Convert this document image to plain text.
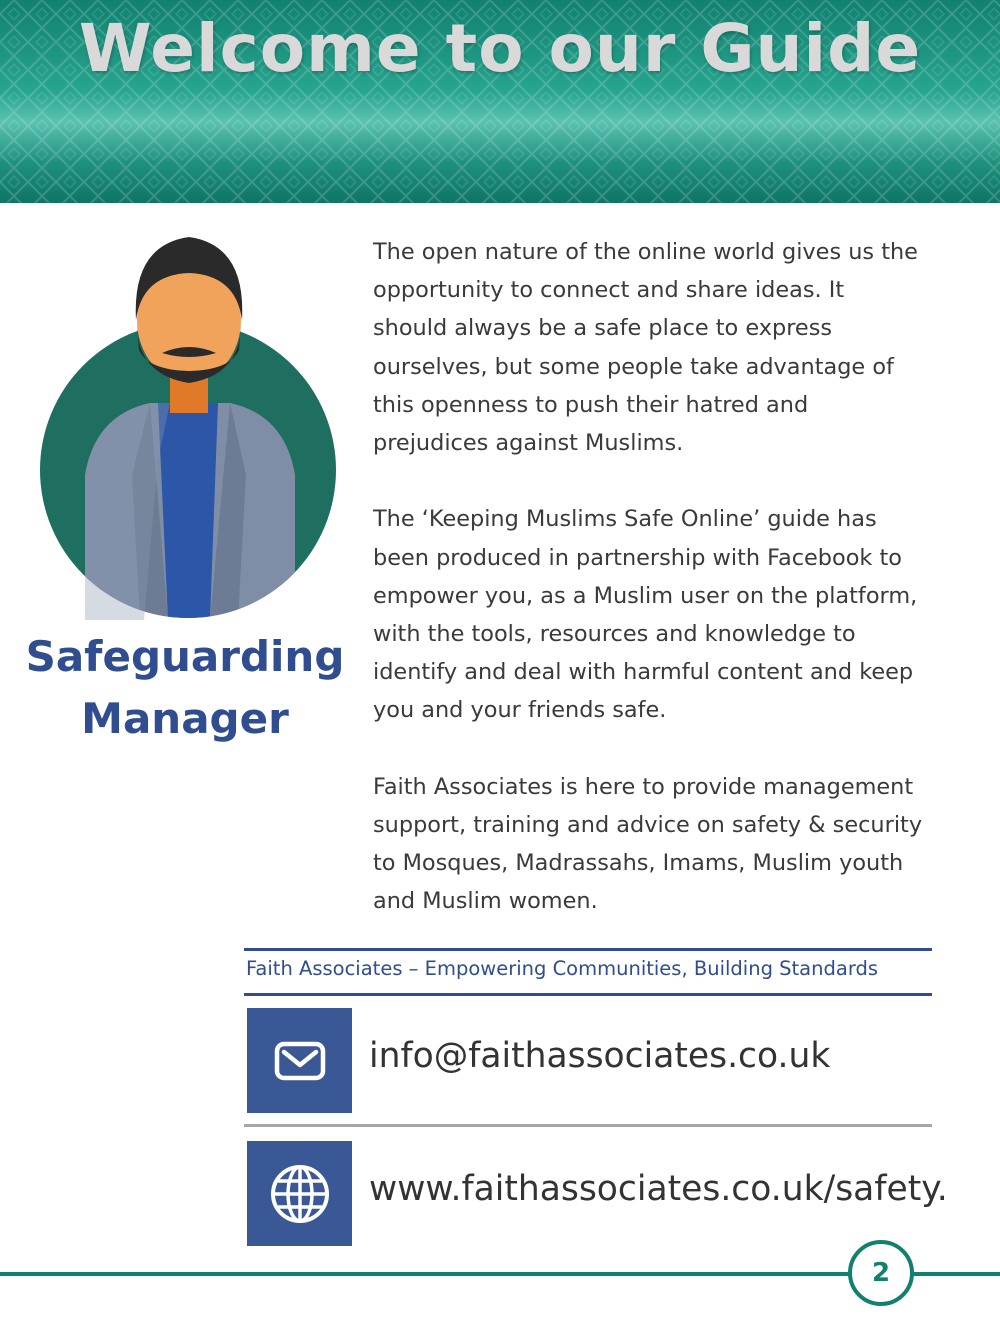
Welcome to our Guide
Safeguarding
Manager

The open nature of the online world gives us the
opportunity to connect and share ideas. It
should always be a safe place to express
ourselves, but some people take advantage of
this openness to push their hatred and
prejudices against Muslims.

The ‘Keeping Muslims Safe Online’ guide has
been produced in partnership with Facebook to
empower you, as a Muslim user on the platform,
with the tools, resources and knowledge to
identify and deal with harmful content and keep
you and your friends safe.

Faith Associates is here to provide management
support, training and advice on safety & security
to Mosques, Madrassahs, Imams, Muslim youth
and Muslim women.

Faith Associates – Empowering Communities, Building Standards
info@faithassociates.co.uk
www.faithassociates.co.uk/safety.
2
